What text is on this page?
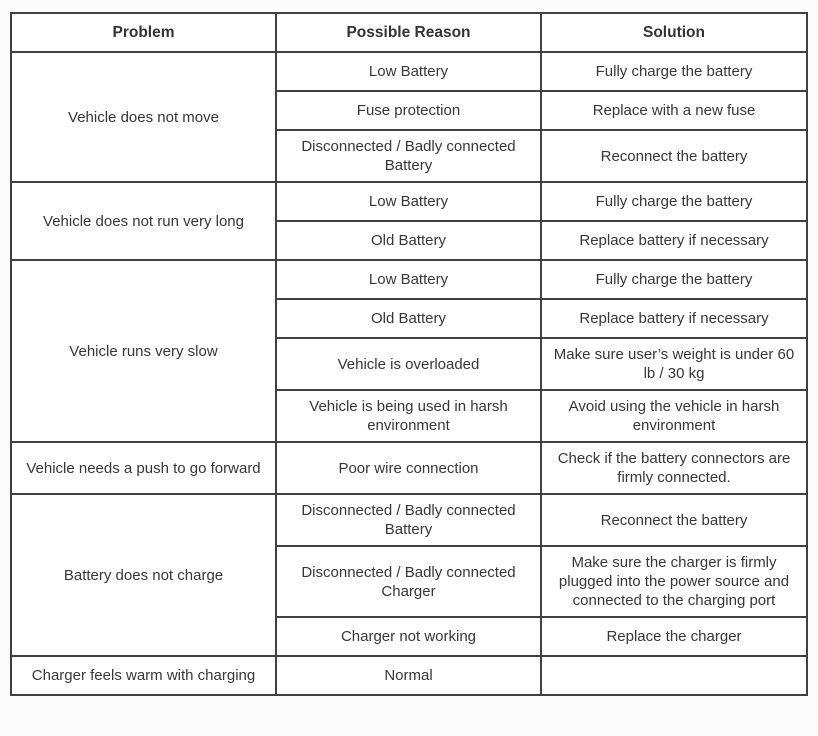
Problem	Possible Reason	Solution
Vehicle does not move	Low Battery	Fully charge the battery
	Fuse protection	Replace with a new fuse
	Disconnected / Badly connected Battery	Reconnect the battery
Vehicle does not run very long	Low Battery	Fully charge the battery
	Old Battery	Replace battery if necessary
Vehicle runs very slow	Low Battery	Fully charge the battery
	Old Battery	Replace battery if necessary
	Vehicle is overloaded	Make sure user’s weight is under 60 lb / 30 kg
	Vehicle is being used in harsh environment	Avoid using the vehicle in harsh environment
Vehicle needs a push to go forward	Poor wire connection	Check if the battery connectors are firmly connected.
Battery does not charge	Disconnected / Badly connected Battery	Reconnect the battery
	Disconnected / Badly connected Charger	Make sure the charger is firmly plugged into the power source and connected to the charging port
	Charger not working	Replace the charger
Charger feels warm with charging	Normal	
